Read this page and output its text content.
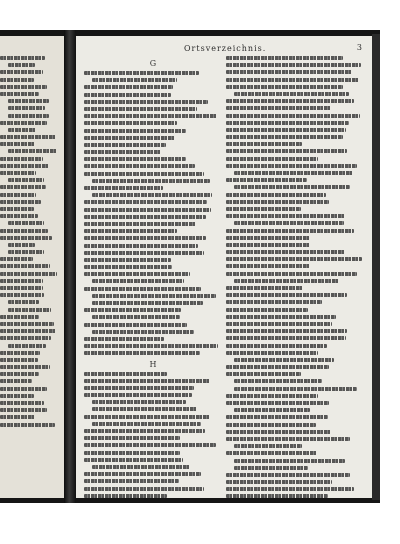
Ortsverzeichnis.	3
G
H
